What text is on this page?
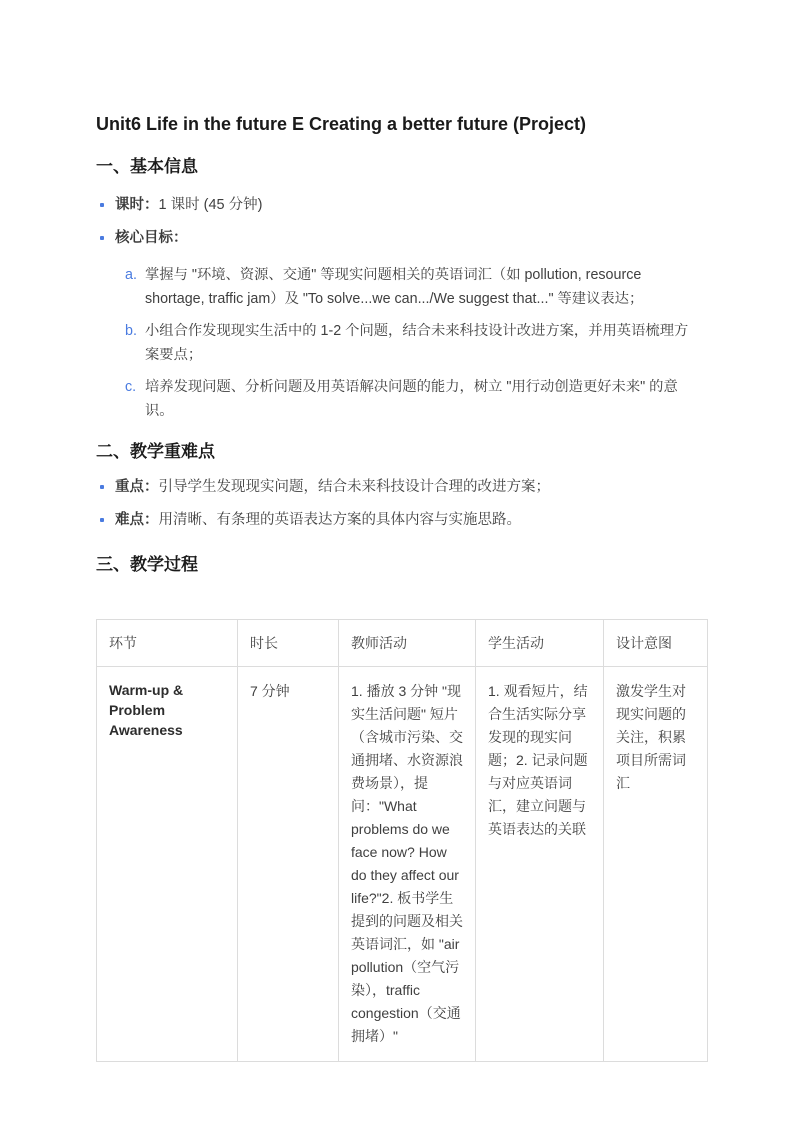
Unit6 Life in the future E Creating a better future (Project)
一、基本信息
课时：1 课时 (45 分钟)
核心目标：
a. 掌握与 "环境、资源、交通" 等现实问题相关的英语词汇（如 pollution, resource shortage, traffic jam）及 "To solve...we can.../We suggest that..." 等建议表达；

b. 小组合作发现现实生活中的 1-2 个问题，结合未来科技设计改进方案，并用英语梳理方案要点；

c. 培养发现问题、分析问题及用英语解决问题的能力，树立 "用行动创造更好未来" 的意识。

二、教学重难点
重点：引导学生发现现实问题，结合未来科技设计合理的改进方案；
难点：用清晰、有条理的英语表达方案的具体内容与实施思路。
三、教学过程
环节	时长	教师活动	学生活动	设计意图
Warm-up & Problem Awareness	7 分钟	1. 播放 3 分钟 "现实生活问题" 短片（含城市污染、交通拥堵、水资源浪费场景），提问："What problems do we face now? How do they affect our life?"2. 板书学生提到的问题及相关英语词汇，如 "air pollution（空气污染），traffic congestion（交通拥堵）"	1. 观看短片，结合生活实际分享发现的现实问题；2. 记录问题与对应英语词汇，建立问题与英语表达的关联	激发学生对现实问题的关注，积累项目所需词汇
